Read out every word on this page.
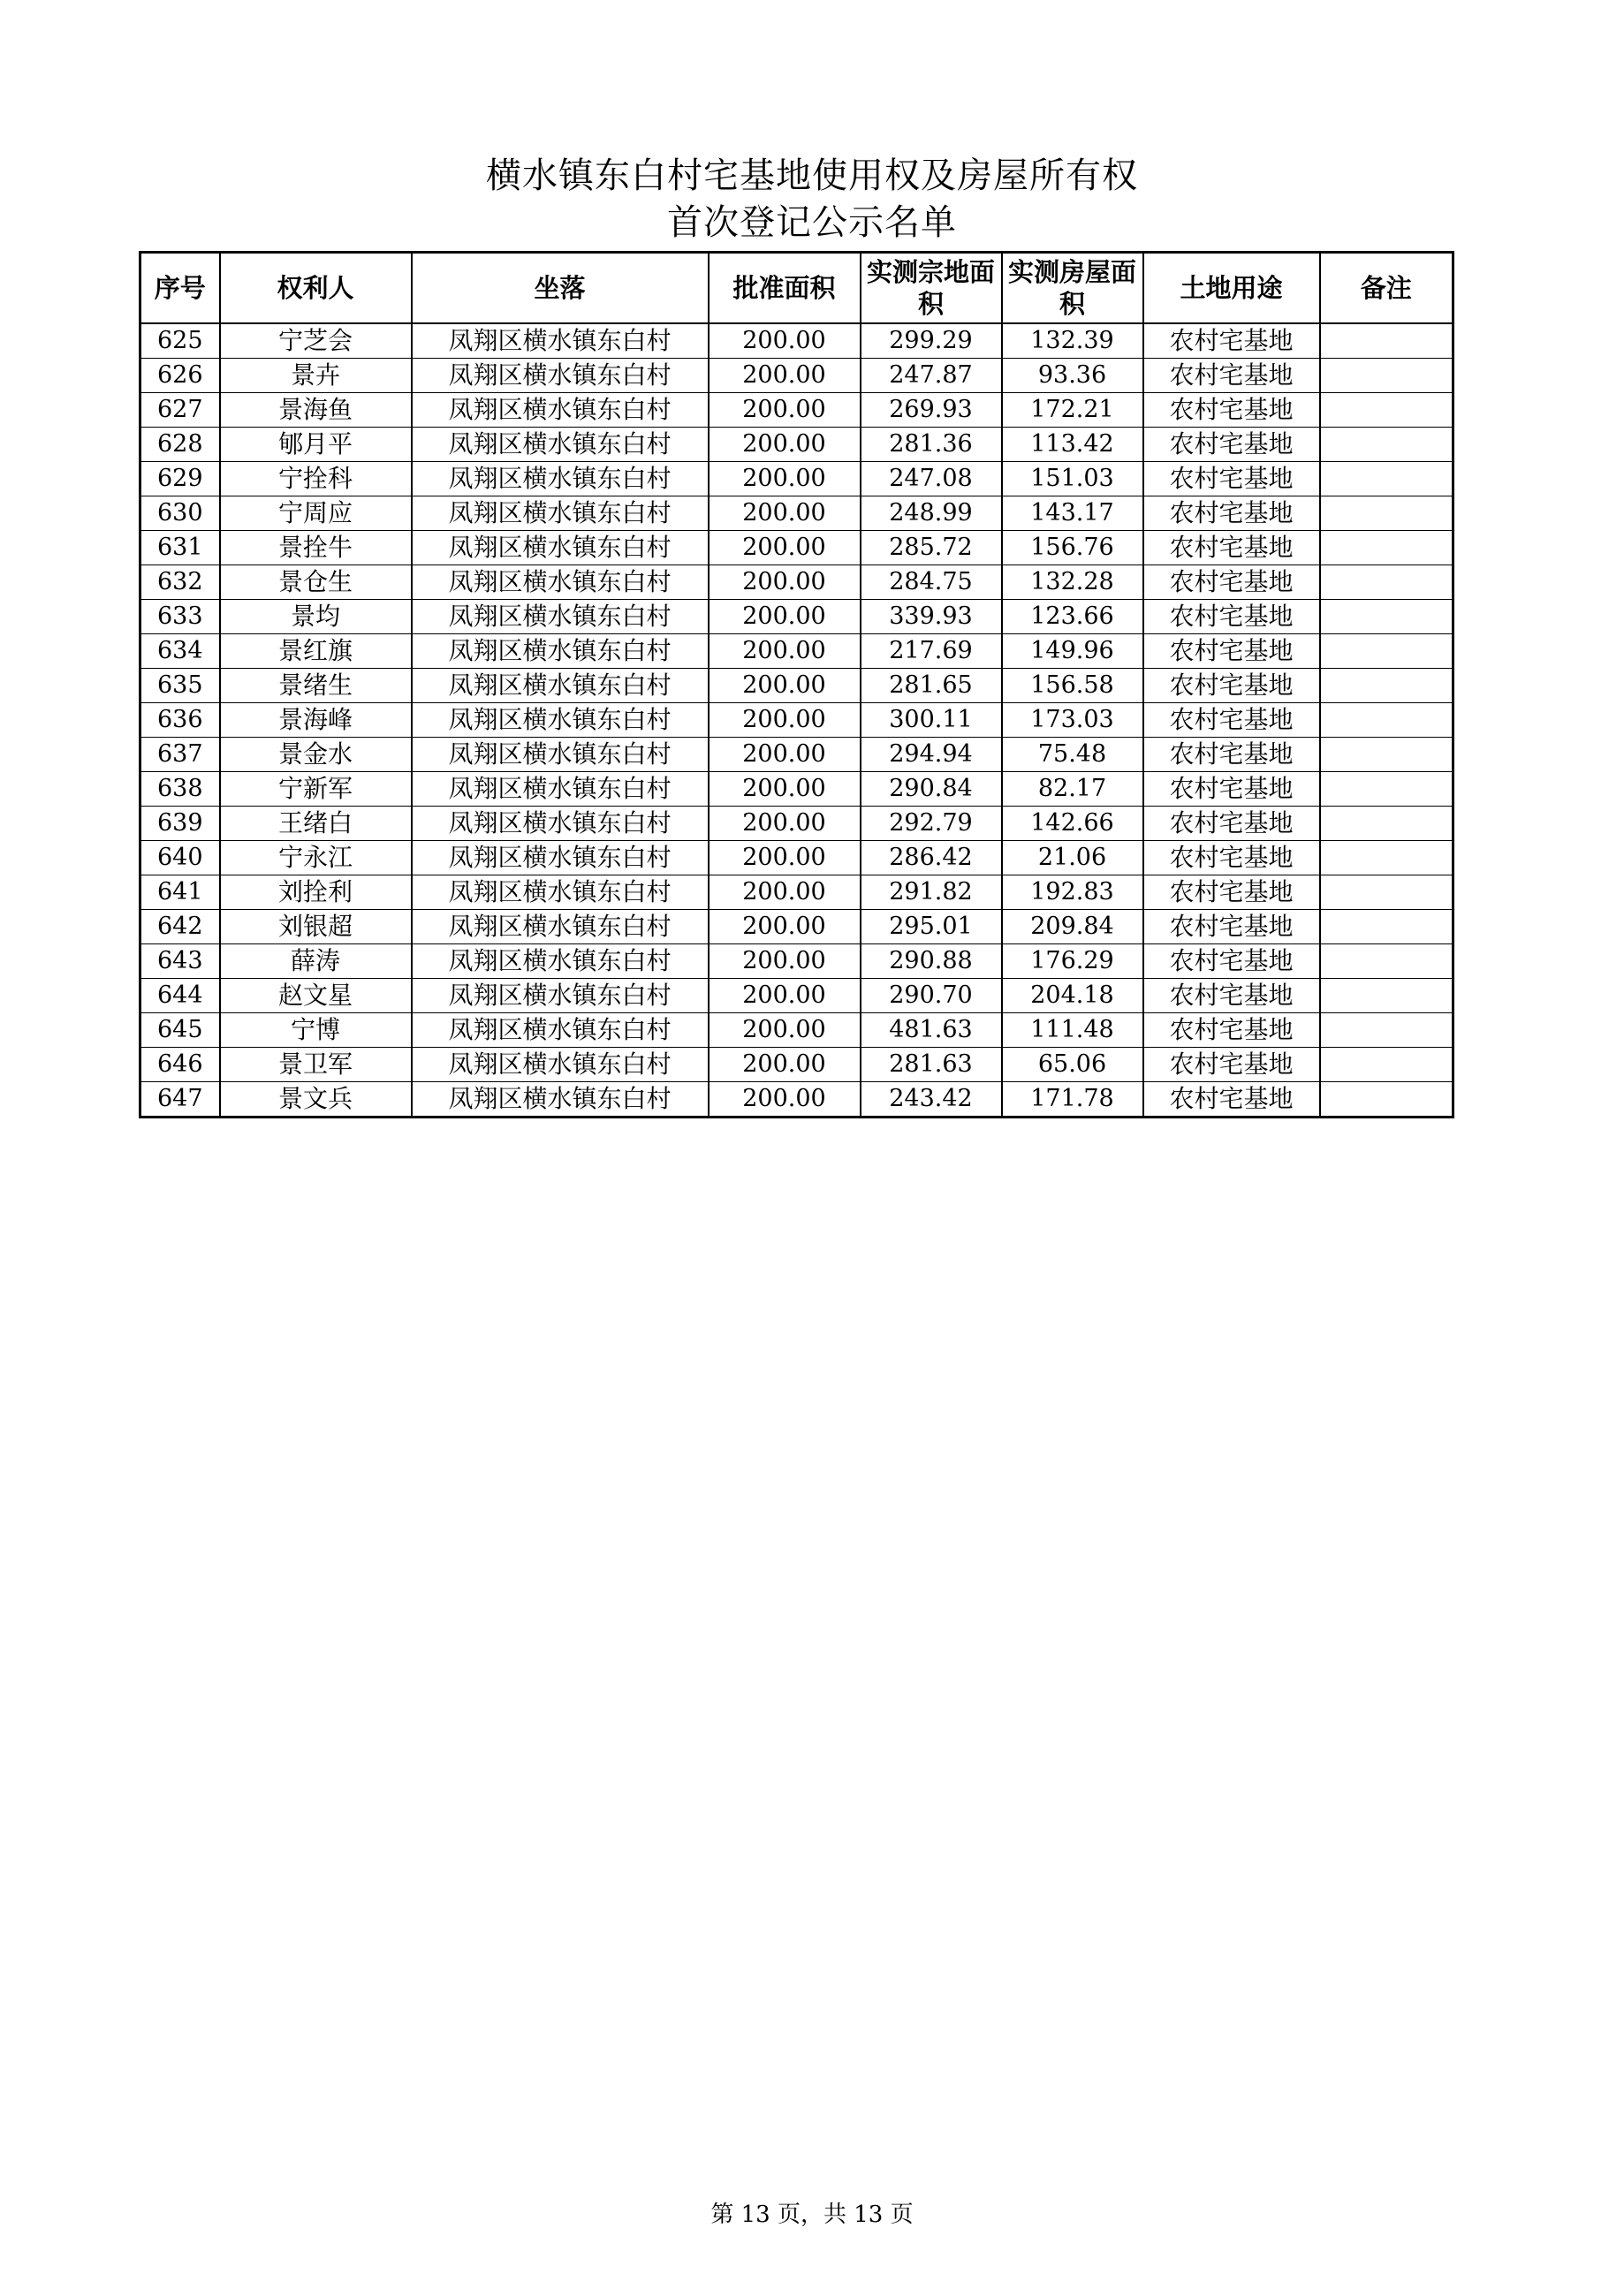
横水镇东白村宅基地使用权及房屋所有权
首次登记公示名单
序号	权利人	坐落	批准面积	实测宗地面积	实测房屋面积	土地用途	备注
625	宁芝会	凤翔区横水镇东白村	200.00	299.29	132.39	农村宅基地	
626	景卉	凤翔区横水镇东白村	200.00	247.87	93.36	农村宅基地	
627	景海鱼	凤翔区横水镇东白村	200.00	269.93	172.21	农村宅基地	
628	郇月平	凤翔区横水镇东白村	200.00	281.36	113.42	农村宅基地	
629	宁拴科	凤翔区横水镇东白村	200.00	247.08	151.03	农村宅基地	
630	宁周应	凤翔区横水镇东白村	200.00	248.99	143.17	农村宅基地	
631	景拴牛	凤翔区横水镇东白村	200.00	285.72	156.76	农村宅基地	
632	景仓生	凤翔区横水镇东白村	200.00	284.75	132.28	农村宅基地	
633	景均	凤翔区横水镇东白村	200.00	339.93	123.66	农村宅基地	
634	景红旗	凤翔区横水镇东白村	200.00	217.69	149.96	农村宅基地	
635	景绪生	凤翔区横水镇东白村	200.00	281.65	156.58	农村宅基地	
636	景海峰	凤翔区横水镇东白村	200.00	300.11	173.03	农村宅基地	
637	景金水	凤翔区横水镇东白村	200.00	294.94	75.48	农村宅基地	
638	宁新军	凤翔区横水镇东白村	200.00	290.84	82.17	农村宅基地	
639	王绪白	凤翔区横水镇东白村	200.00	292.79	142.66	农村宅基地	
640	宁永江	凤翔区横水镇东白村	200.00	286.42	21.06	农村宅基地	
641	刘拴利	凤翔区横水镇东白村	200.00	291.82	192.83	农村宅基地	
642	刘银超	凤翔区横水镇东白村	200.00	295.01	209.84	农村宅基地	
643	薛涛	凤翔区横水镇东白村	200.00	290.88	176.29	农村宅基地	
644	赵文星	凤翔区横水镇东白村	200.00	290.70	204.18	农村宅基地	
645	宁博	凤翔区横水镇东白村	200.00	481.63	111.48	农村宅基地	
646	景卫军	凤翔区横水镇东白村	200.00	281.63	65.06	农村宅基地	
647	景文兵	凤翔区横水镇东白村	200.00	243.42	171.78	农村宅基地	
第 13 页，共 13 页
